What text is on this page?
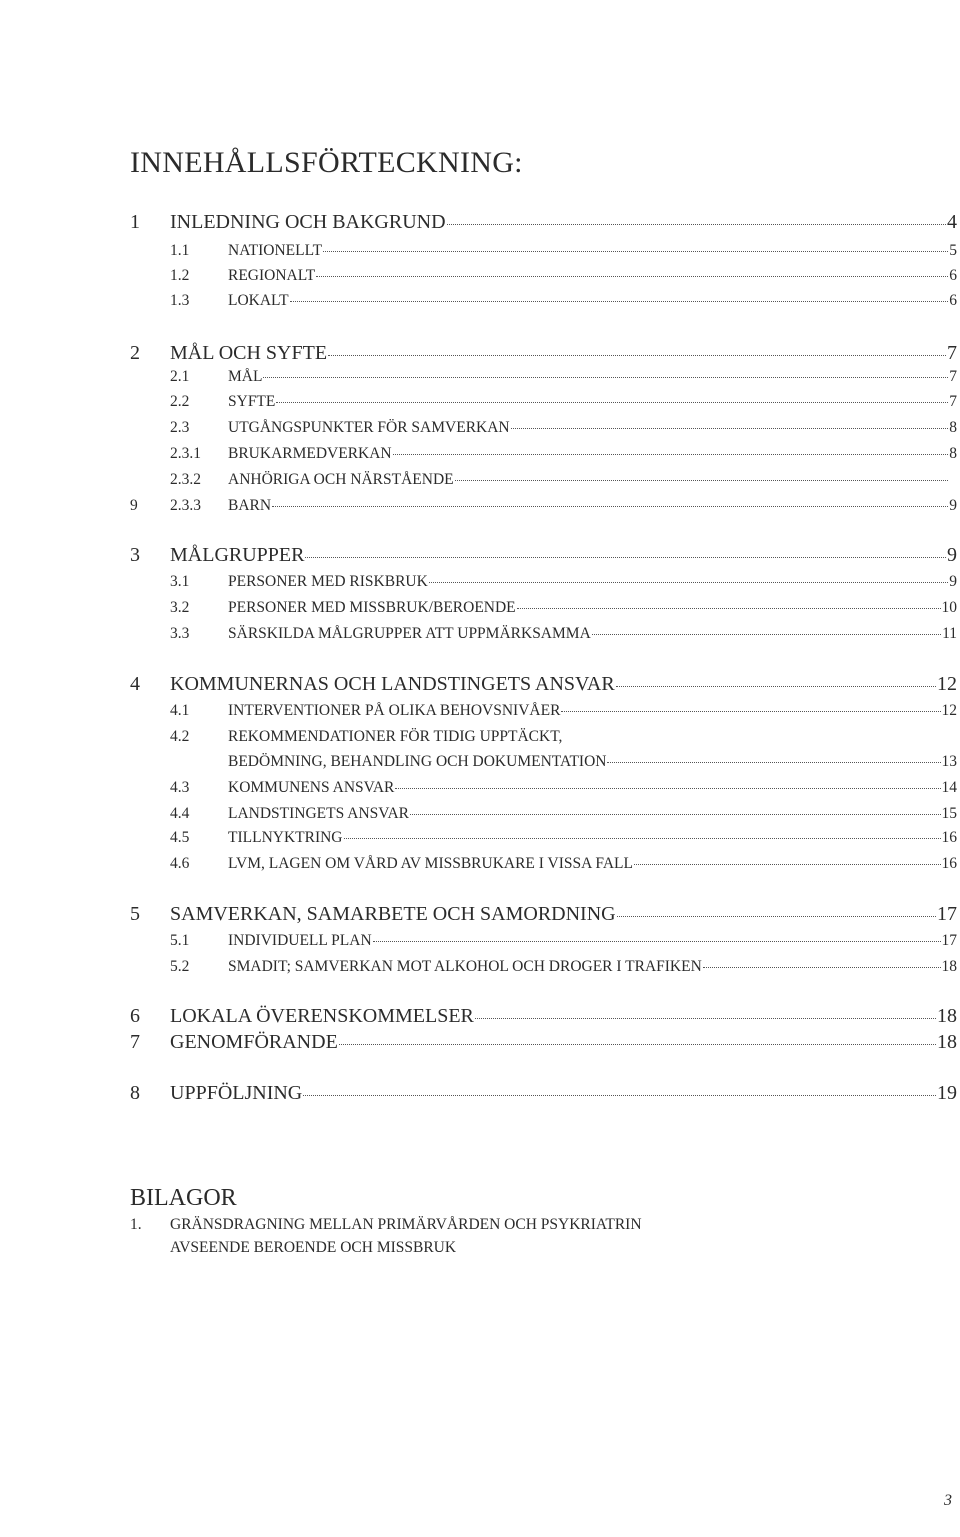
INNEHÅLLSFÖRTECKNING:
1	INLEDNING OCH BAKGRUND	4
1.1	NATIONELLT	5
1.2	REGIONALT	6
1.3	LOKALT	6
2	MÅL OCH SYFTE	7
2.1	MÅL	7
2.2	SYFTE	7
2.3	UTGÅNGSPUNKTER FÖR SAMVERKAN	8
2.3.1	BRUKARMEDVERKAN	8
2.3.2	ANHÖRIGA OCH NÄRSTÅENDE
2.3.3	BARN	9
3	MÅLGRUPPER	9
3.1	PERSONER MED RISKBRUK	9
3.2	PERSONER MED MISSBRUK/BEROENDE	10
3.3	SÄRSKILDA MÅLGRUPPER ATT UPPMÄRKSAMMA	11
4	KOMMUNERNAS OCH LANDSTINGETS ANSVAR	12
4.1	INTERVENTIONER PÅ OLIKA BEHOVSNIVÅER	12
4.2	REKOMMENDATIONER FÖR TIDIG UPPTÄCKT,
BEDÖMNING, BEHANDLING OCH DOKUMENTATION	13
4.3	KOMMUNENS ANSVAR	14
4.4	LANDSTINGETS ANSVAR	15
4.5	TILLNYKTRING	16
4.6	LVM, LAGEN OM VÅRD AV MISSBRUKARE I VISSA FALL	16
5	SAMVERKAN, SAMARBETE OCH SAMORDNING	17
5.1	INDIVIDUELL PLAN	17
5.2	SMADIT; SAMVERKAN MOT ALKOHOL OCH DROGER I TRAFIKEN	18
6	LOKALA ÖVERENSKOMMELSER	18
7	GENOMFÖRANDE	18
8	UPPFÖLJNING	19
9
BILAGOR
1. GRÄNSDRAGNING MELLAN PRIMÄRVÅRDEN OCH PSYKRIATRIN
AVSEENDE BEROENDE OCH MISSBRUK
3
